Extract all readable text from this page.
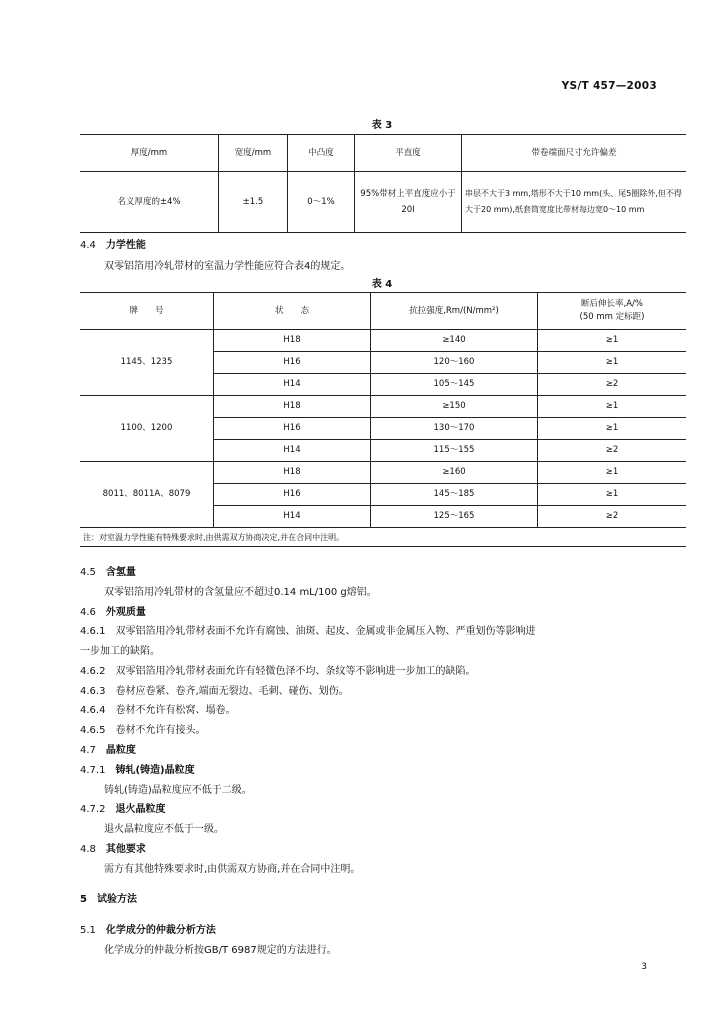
YS/T 457—2003
表 3
厚度/mm	宽度/mm	中凸度	平直度	带卷端面尺寸允许偏差
名义厚度的±4%	±1.5	0～1%	95%带材上平直度应小于20I	串层不大于3 mm,塔形不大于10 mm(头、尾5圈除外,但不得大于20 mm),纸套筒宽度比带材每边宽0～10 mm
4.4　 力学性能
双零铝箔用冷轧带材的室温力学性能应符合表4的规定。
表 4
牌　　号	状　　态	抗拉强度,Rm/(N/mm²)	断后伸长率,A/%
(50 mm 定标距)

1145、1235	H18	≥140	≥1
	H16	120～160	≥1
	H14	105～145	≥2
1100、1200	H18	≥150	≥1
	H16	130～170	≥1
	H14	115～155	≥2
8011、8011A、8079	H18	≥160	≥1
	H16	145～185	≥1
	H14	125～165	≥2
注：对室温力学性能有特殊要求时,由供需双方协商决定,并在合同中注明。			
4.5　 含氢量
双零铝箔用冷轧带材的含氢量应不超过0.14 mL/100 g熔铝。
4.6　 外观质量
4.6.1　 双零铝箔用冷轧带材表面不允许有腐蚀、油斑、起皮、金属或非金属压入物、严重划伤等影响进
一步加工的缺陷。
4.6.2　 双零铝箔用冷轧带材表面允许有轻微色泽不均、条纹等不影响进一步加工的缺陷。
4.6.3　 卷材应卷紧、卷齐,端面无裂边、毛刺、碰伤、划伤。
4.6.4　 卷材不允许有松窝、塌卷。
4.6.5　 卷材不允许有接头。
4.7　 晶粒度
4.7.1　 铸轧(铸造)晶粒度
铸轧(铸造)晶粒度应不低于二级。
4.7.2　 退火晶粒度
退火晶粒度应不低于一级。
4.8　 其他要求
需方有其他特殊要求时,由供需双方协商,并在合同中注明。
5　 试验方法
5.1　 化学成分的仲裁分析方法
化学成分的仲裁分析按GB/T 6987规定的方法进行。
3
